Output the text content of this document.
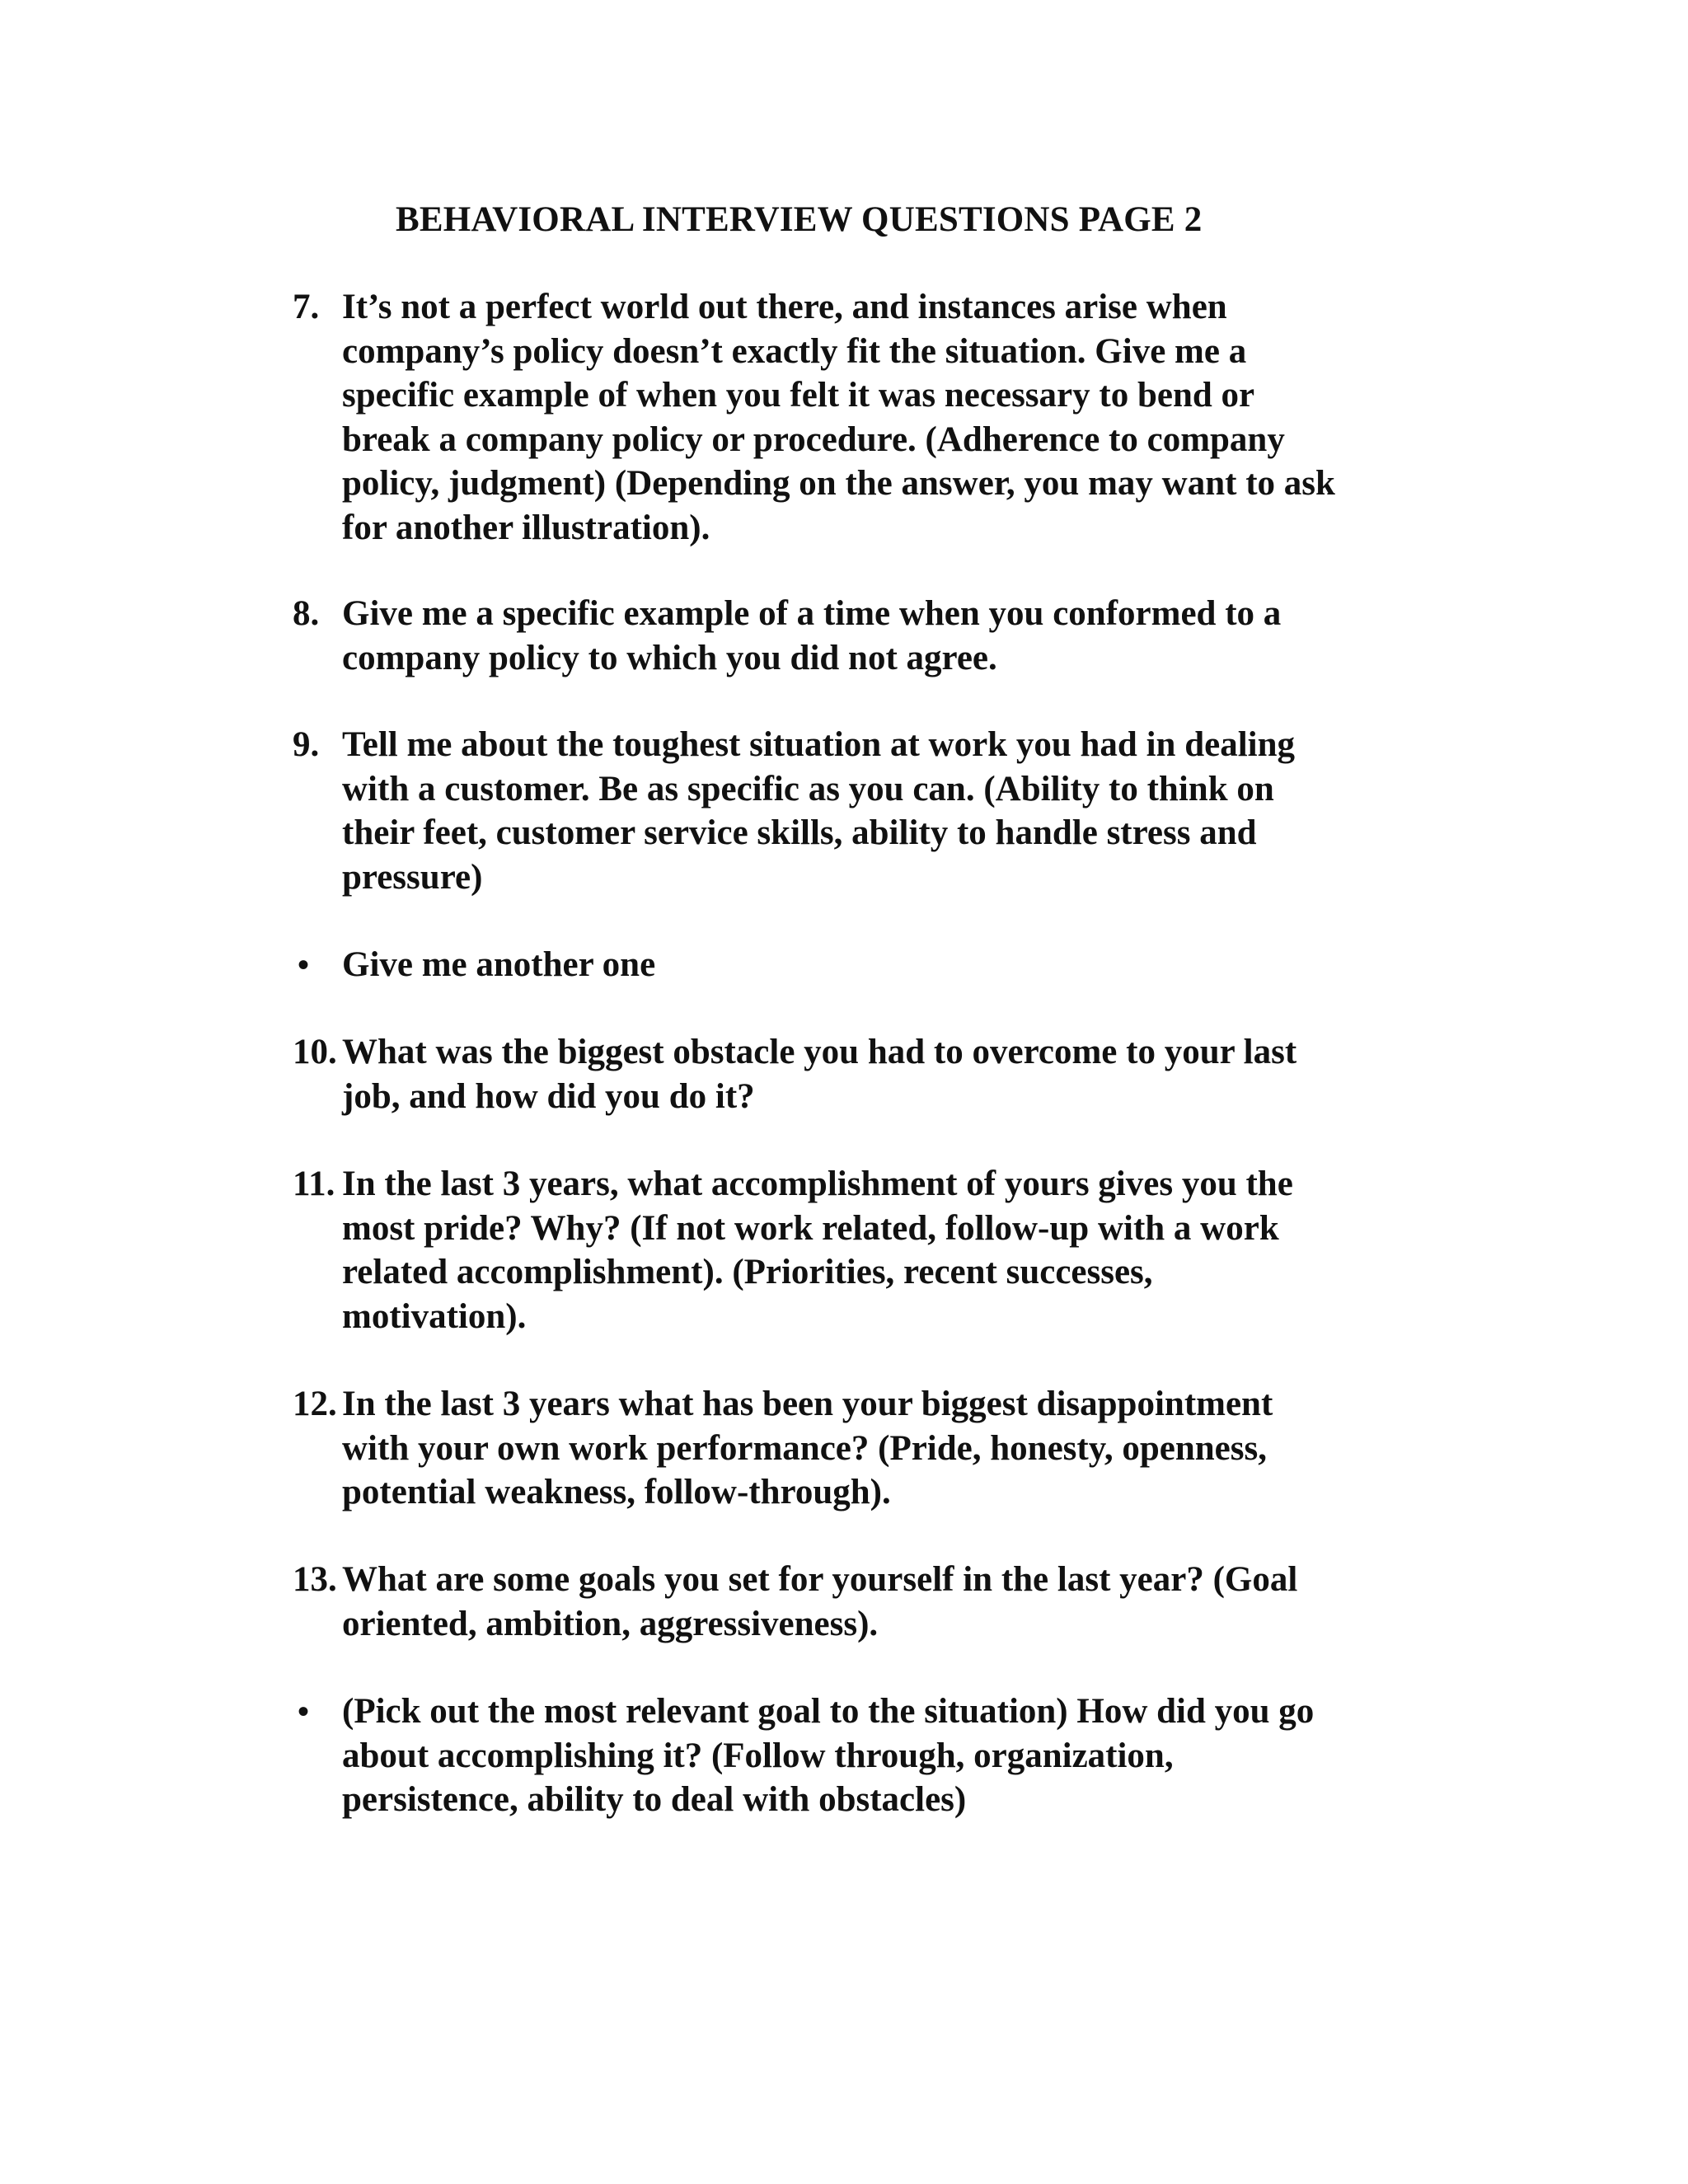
BEHAVIORAL INTERVIEW QUESTIONS PAGE 2
7. It’s not a perfect world out there, and instances arise when
company’s policy doesn’t exactly fit the situation. Give me a
specific example of when you felt it was necessary to bend or
break a company policy or procedure. (Adherence to company
policy, judgment) (Depending on the answer, you may want to ask
for another illustration).
8. Give me a specific example of a time when you conformed to a
company policy to which you did not agree.
9. Tell me about the toughest situation at work you had in dealing
with a customer. Be as specific as you can. (Ability to think on
their feet, customer service skills, ability to handle stress and
pressure)
• Give me another one
10. What was the biggest obstacle you had to overcome to your last
job, and how did you do it?
11. In the last 3 years, what accomplishment of yours gives you the
most pride? Why? (If not work related, follow-up with a work
related accomplishment). (Priorities, recent successes,
motivation).
12. In the last 3 years what has been your biggest disappointment
with your own work performance? (Pride, honesty, openness,
potential weakness, follow-through).
13. What are some goals you set for yourself in the last year? (Goal
oriented, ambition, aggressiveness).
• (Pick out the most relevant goal to the situation) How did you go
about accomplishing it? (Follow through, organization,
persistence, ability to deal with obstacles)
